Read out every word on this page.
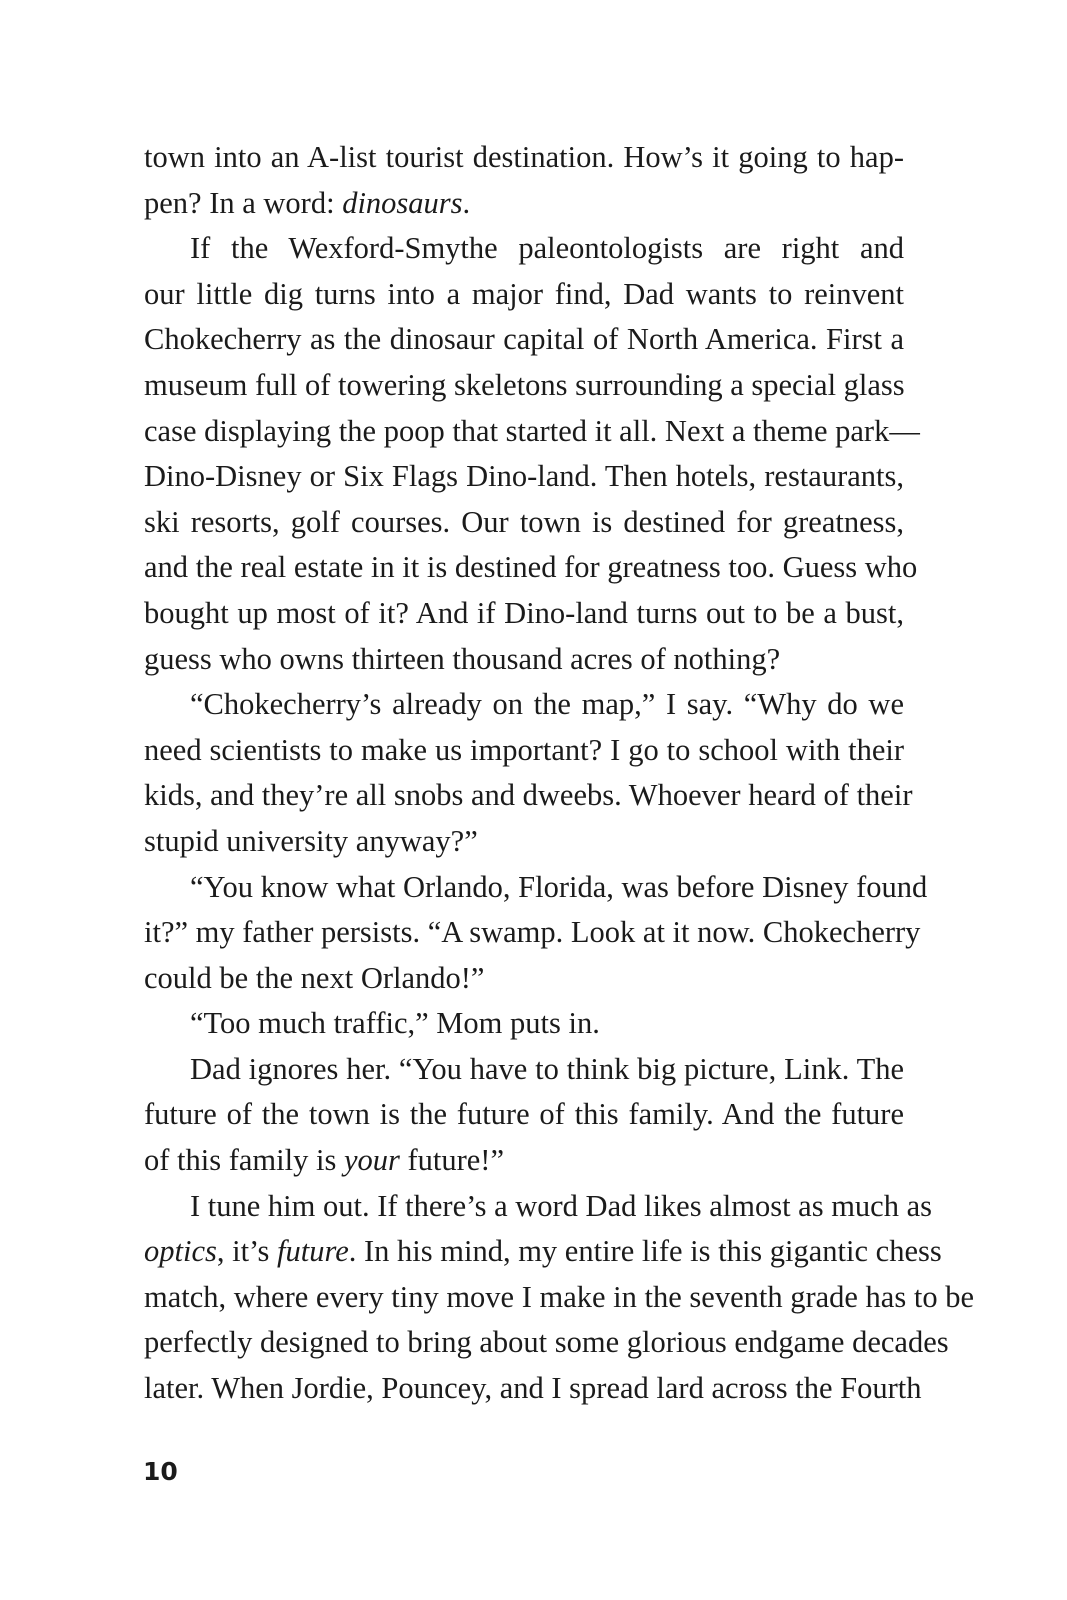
town into an A-list tourist destination. How’s it going to hap-
pen? In a word: dinosaurs.
If the Wexford-Smythe paleontologists are right and
our little dig turns into a major find, Dad wants to reinvent
Chokecherry as the dinosaur capital of North America. First a
museum full of towering skeletons surrounding a special glass
case displaying the poop that started it all. Next a theme park—
Dino-Disney or Six Flags Dino-land. Then hotels, restaurants,
ski resorts, golf courses. Our town is destined for greatness,
and the real estate in it is destined for greatness too. Guess who
bought up most of it? And if Dino-land turns out to be a bust,
guess who owns thirteen thousand acres of nothing?
“Chokecherry’s already on the map,” I say. “Why do we
need scientists to make us important? I go to school with their
kids, and they’re all snobs and dweebs. Whoever heard of their
stupid university anyway?”
“You know what Orlando, Florida, was before Disney found
it?” my father persists. “A swamp. Look at it now. Chokecherry
could be the next Orlando!”
“Too much traffic,” Mom puts in.
Dad ignores her. “You have to think big picture, Link. The
future of the town is the future of this family. And the future
of this family is your future!”
I tune him out. If there’s a word Dad likes almost as much as
optics, it’s future. In his mind, my entire life is this gigantic chess
match, where every tiny move I make in the seventh grade has to be
perfectly designed to bring about some glorious endgame decades
later. When Jordie, Pouncey, and I spread lard across the Fourth
10
